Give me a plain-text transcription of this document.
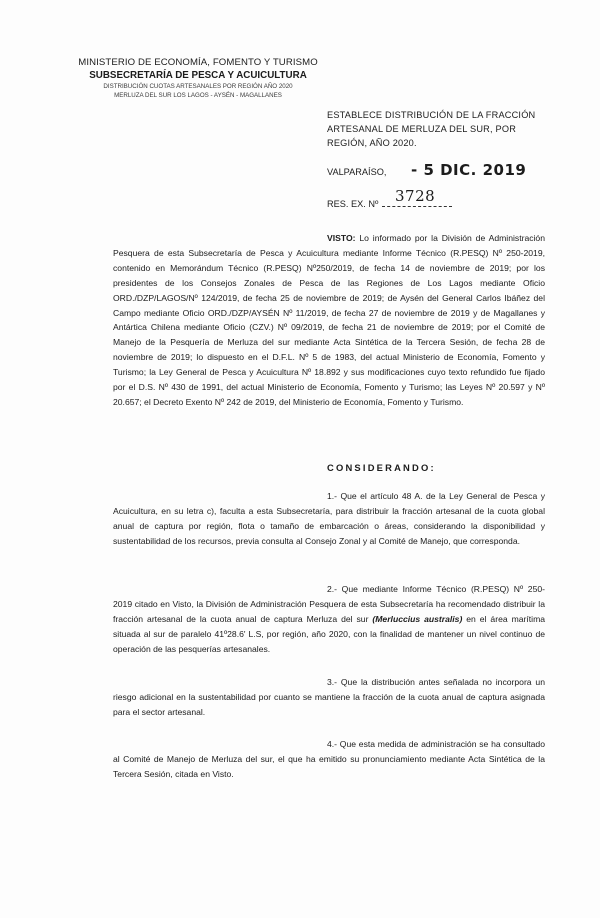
MINISTERIO DE ECONOMÍA, FOMENTO Y TURISMO
SUBSECRETARÍA DE PESCA Y ACUICULTURA
DISTRIBUCIÓN CUOTAS ARTESANALES POR REGIÓN AÑO 2020
MERLUZA DEL SUR LOS LAGOS - AYSÉN - MAGALLANES
ESTABLECE DISTRIBUCIÓN DE LA FRACCIÓN ARTESANAL DE MERLUZA DEL SUR, POR REGIÓN, AÑO 2020.
VALPARAÍSO, - 5 DIC. 2019
RES. EX. Nº 3728
VISTO: Lo informado por la División de Administración Pesquera de esta Subsecretaría de Pesca y Acuicultura mediante Informe Técnico (R.PESQ) Nº 250-2019, contenido en Memorándum Técnico (R.PESQ) Nº250/2019, de fecha 14 de noviembre de 2019; por los presidentes de los Consejos Zonales de Pesca de las Regiones de Los Lagos mediante Oficio ORD./DZP/LAGOS/Nº 124/2019, de fecha 25 de noviembre de 2019; de Aysén del General Carlos Ibáñez del Campo mediante Oficio ORD./DZP/AYSÉN Nº 11/2019, de fecha 27 de noviembre de 2019 y de Magallanes y Antártica Chilena mediante Oficio (CZV.) Nº 09/2019, de fecha 21 de noviembre de 2019; por el Comité de Manejo de la Pesquería de Merluza del sur mediante Acta Sintética de la Tercera Sesión, de fecha 28 de noviembre de 2019; lo dispuesto en el D.F.L. Nº 5 de 1983, del actual Ministerio de Economía, Fomento y Turismo; la Ley General de Pesca y Acuicultura Nº 18.892 y sus modificaciones cuyo texto refundido fue fijado por el D.S. Nº 430 de 1991, del actual Ministerio de Economía, Fomento y Turismo; las Leyes Nº 20.597 y Nº 20.657; el Decreto Exento Nº 242 de 2019, del Ministerio de Economía, Fomento y Turismo.
CONSIDERANDO:
1.- Que el artículo 48 A. de la Ley General de Pesca y Acuicultura, en su letra c), faculta a esta Subsecretaría, para distribuir la fracción artesanal de la cuota global anual de captura por región, flota o tamaño de embarcación o áreas, considerando la disponibilidad y sustentabilidad de los recursos, previa consulta al Consejo Zonal y al Comité de Manejo, que corresponda.
2.- Que mediante Informe Técnico (R.PESQ) Nº 250-2019 citado en Visto, la División de Administración Pesquera de esta Subsecretaría ha recomendado distribuir la fracción artesanal de la cuota anual de captura Merluza del sur (Merluccius australis) en el área marítima situada al sur de paralelo 41º28.6' L.S, por región, año 2020, con la finalidad de mantener un nivel continuo de operación de las pesquerías artesanales.
3.- Que la distribución antes señalada no incorpora un riesgo adicional en la sustentabilidad por cuanto se mantiene la fracción de la cuota anual de captura asignada para el sector artesanal.
4.- Que esta medida de administración se ha consultado al Comité de Manejo de Merluza del sur, el que ha emitido su pronunciamiento mediante Acta Sintética de la Tercera Sesión, citada en Visto.
